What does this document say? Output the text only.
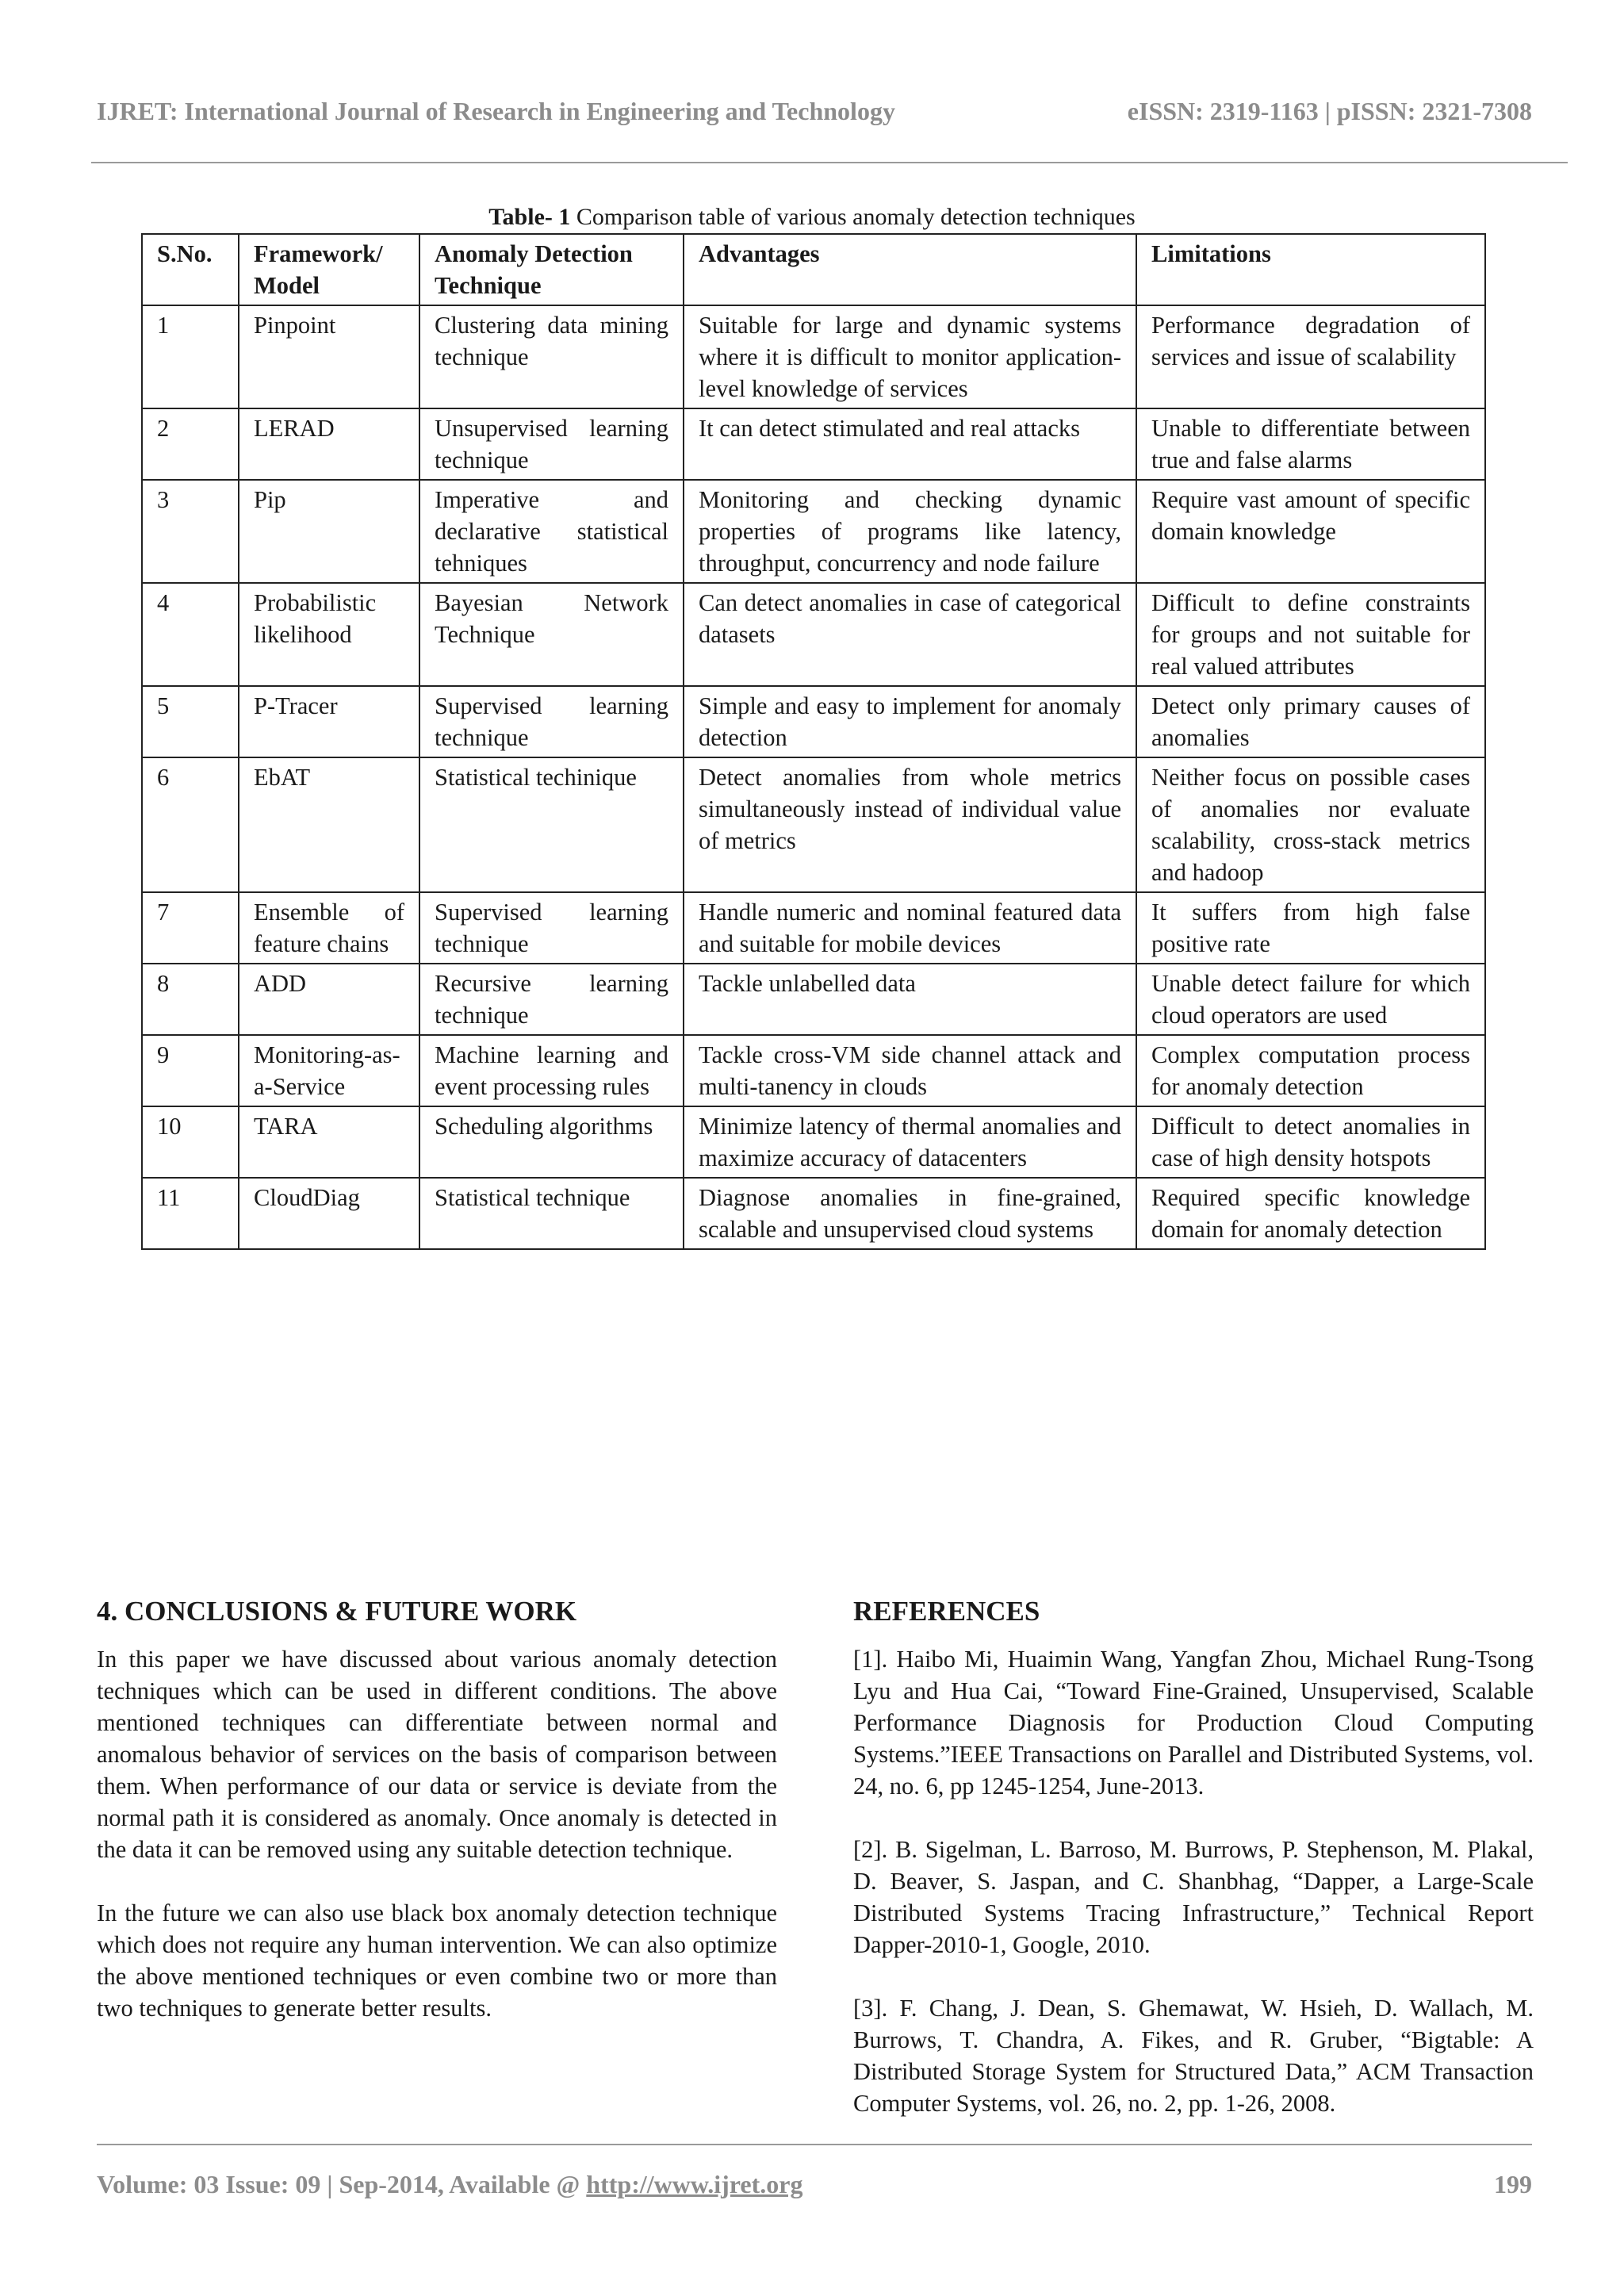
IJRET: International Journal of Research in Engineering and Technology	eISSN: 2319-1163 | pISSN: 2321-7308
Table- 1 Comparison table of various anomaly detection techniques
S.No.	Framework/ Model	Anomaly Detection Technique	Advantages	Limitations
1	Pinpoint	Clustering data mining technique	Suitable for large and dynamic systems where it is difficult to monitor application-level knowledge of services	Performance degradation of services and issue of scalability
2	LERAD	Unsupervised learning technique	It can detect stimulated and real attacks	Unable to differentiate between true and false alarms
3	Pip	Imperative and declarative statistical tehniques	Monitoring and checking dynamic properties of programs like latency, throughput, concurrency and node failure	Require vast amount of specific domain knowledge
4	Probabilistic likelihood	Bayesian Network Technique	Can detect anomalies in case of categorical datasets	Difficult to define constraints for groups and not suitable for real valued attributes
5	P-Tracer	Supervised learning technique	Simple and easy to implement for anomaly detection	Detect only primary causes of anomalies
6	EbAT	Statistical techinique	Detect anomalies from whole metrics simultaneously instead of individual value of metrics	Neither focus on possible cases of anomalies nor evaluate scalability, cross-stack metrics and hadoop
7	Ensemble of feature chains	Supervised learning technique	Handle numeric and nominal featured data and suitable for mobile devices	It suffers from high false positive rate
8	ADD	Recursive learning technique	Tackle unlabelled data	Unable detect failure for which cloud operators are used
9	Monitoring-as-a-Service	Machine learning and event processing rules	Tackle cross-VM side channel attack and multi-tanency in clouds	Complex computation process for anomaly detection
10	TARA	Scheduling algorithms	Minimize latency of thermal anomalies and maximize accuracy of datacenters	Difficult to detect anomalies in case of high density hotspots
11	CloudDiag	Statistical technique	Diagnose anomalies in fine-grained, scalable and unsupervised cloud systems	Required specific knowledge domain for anomaly detection
4. CONCLUSIONS & FUTURE WORK

In this paper we have discussed about various anomaly detection techniques which can be used in different conditions. The above mentioned techniques can differentiate between normal and anomalous behavior of services on the basis of comparison between them. When performance of our data or service is deviate from the normal path it is considered as anomaly. Once anomaly is detected in the data it can be removed using any suitable detection technique.

In the future we can also use black box anomaly detection technique which does not require any human intervention. We can also optimize the above mentioned techniques or even combine two or more than two techniques to generate better results.

REFERENCES

[1]. Haibo Mi, Huaimin Wang, Yangfan Zhou, Michael Rung-Tsong Lyu and Hua Cai, “Toward Fine-Grained, Unsupervised, Scalable Performance Diagnosis for Production Cloud Computing Systems.”IEEE Transactions on Parallel and Distributed Systems, vol. 24, no. 6, pp 1245-1254, June-2013.

[2]. B. Sigelman, L. Barroso, M. Burrows, P. Stephenson, M. Plakal, D. Beaver, S. Jaspan, and C. Shanbhag, “Dapper, a Large-Scale Distributed Systems Tracing Infrastructure,” Technical Report Dapper-2010-1, Google, 2010.

[3]. F. Chang, J. Dean, S. Ghemawat, W. Hsieh, D. Wallach, M. Burrows, T. Chandra, A. Fikes, and R. Gruber, “Bigtable: A Distributed Storage System for Structured Data,” ACM Transaction Computer Systems, vol. 26, no. 2, pp. 1-26, 2008.

Volume: 03 Issue: 09 | Sep-2014, Available @ http://www.ijret.org	199
